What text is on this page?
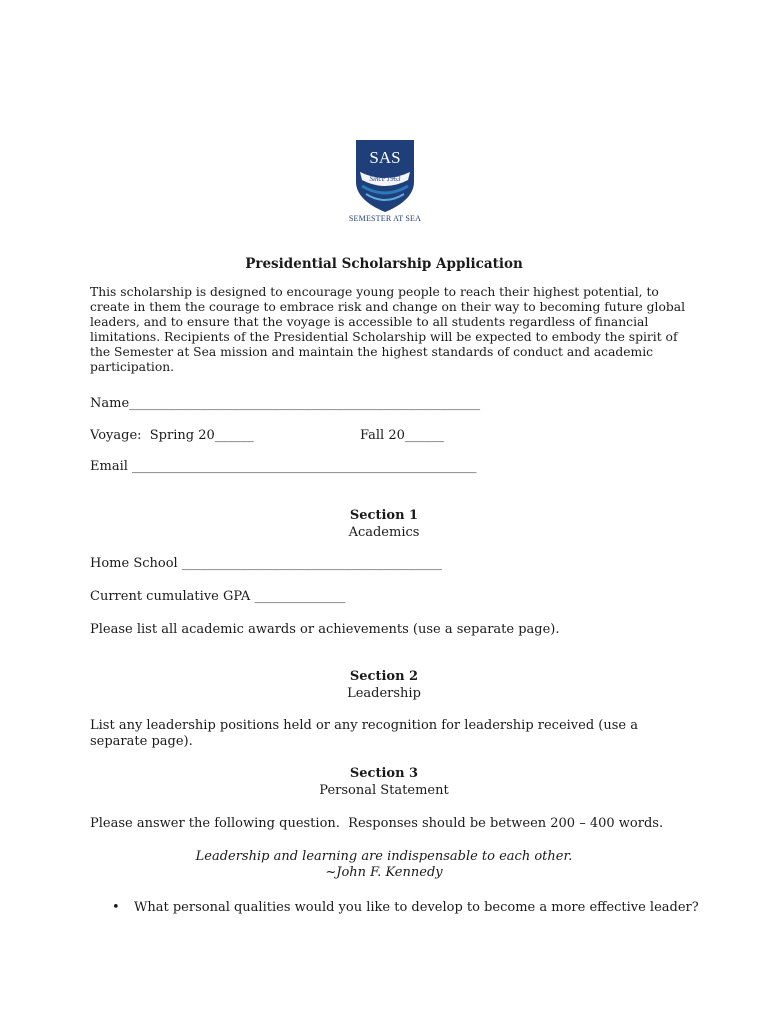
SAS
Since 1963
SEMESTER AT SEA
Presidential Scholarship Application
This scholarship is designed to encourage young people to reach their highest potential, to create in them the courage to embrace risk and change on their way to becoming future global leaders, and to ensure that the voyage is accessible to all students regardless of financial limitations. Recipients of the Presidential Scholarship will be expected to embody the spirit of the Semester at Sea mission and maintain the highest standards of conduct and academic participation.
Name______________________________________________________
Voyage:  Spring 20______	Fall 20______
Email _____________________________________________________
Section 1
Academics
Home School ________________________________________
Current cumulative GPA ______________
Please list all academic awards or achievements (use a separate page).
Section 2
Leadership
List any leadership positions held or any recognition for leadership received (use a separate page).
Section 3
Personal Statement
Please answer the following question.  Responses should be between 200 – 400 words.
Leadership and learning are indispensable to each other.
~John F. Kennedy
• What personal qualities would you like to develop to become a more effective leader?
